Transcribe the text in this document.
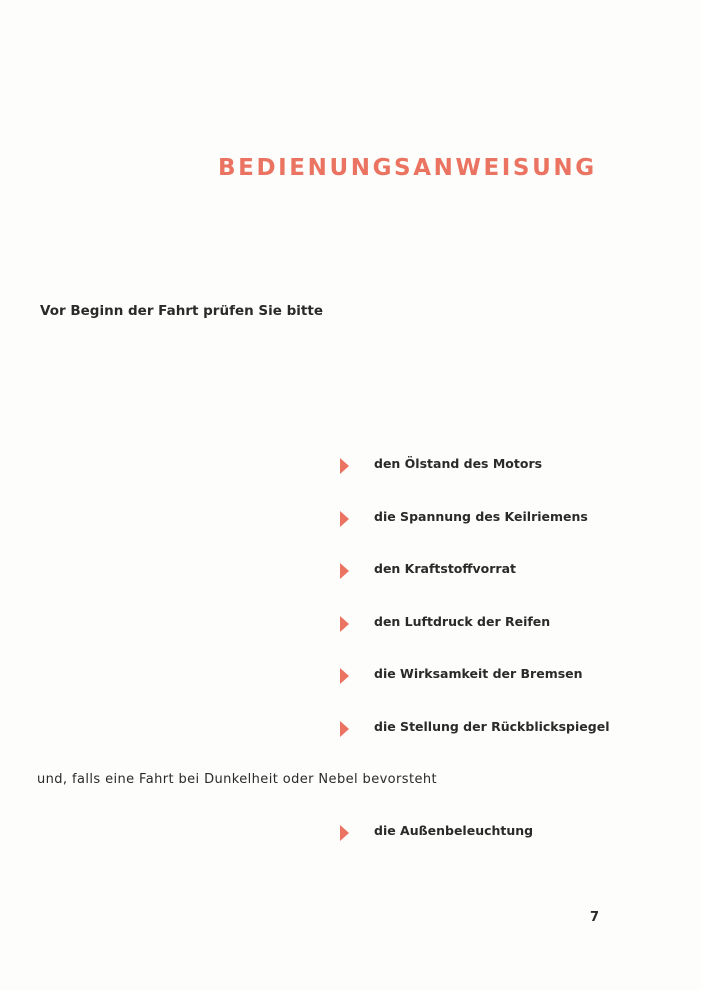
BEDIENUNGSANWEISUNG
Vor Beginn der Fahrt prüfen Sie bitte
den Ölstand des Motors
die Spannung des Keilriemens
den Kraftstoffvorrat
den Luftdruck der Reifen
die Wirksamkeit der Bremsen
die Stellung der Rückblickspiegel
und, falls eine Fahrt bei Dunkelheit oder Nebel bevorsteht
die Außenbeleuchtung
7
